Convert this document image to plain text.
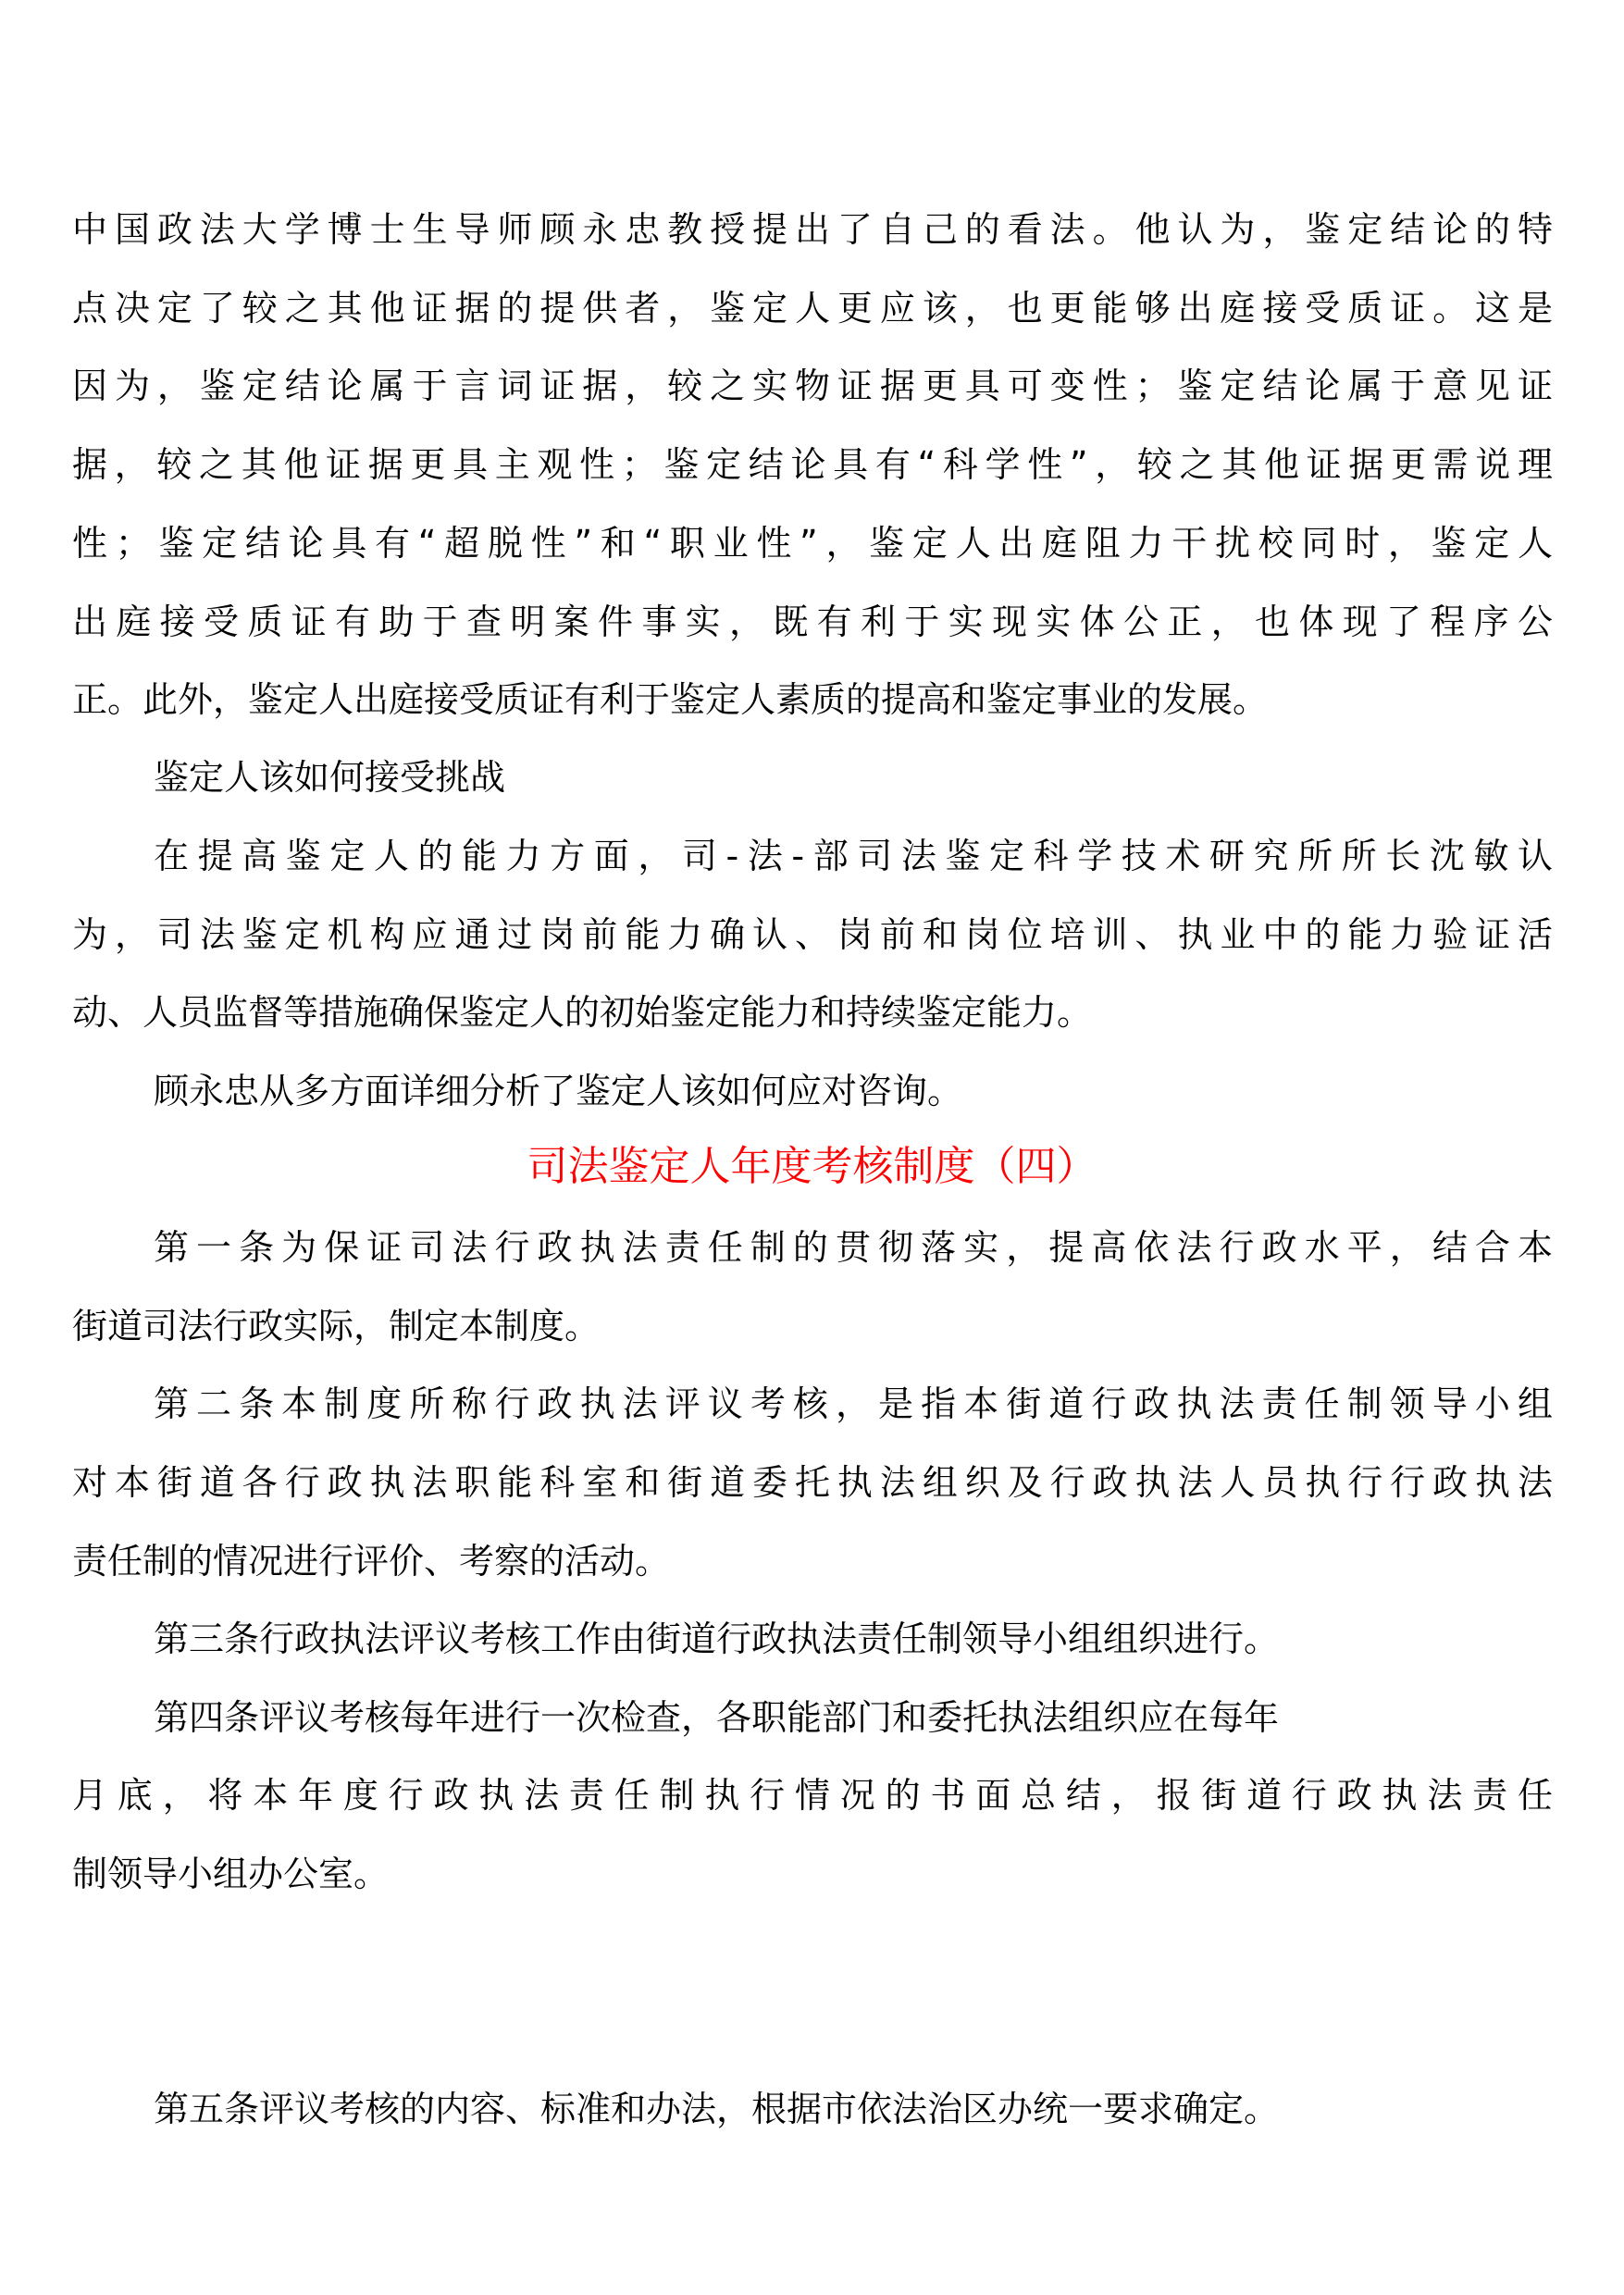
中国政法大学博士生导师顾永忠教授提出了自己的看法。他认为，鉴定结论的特
点决定了较之其他证据的提供者，鉴定人更应该，也更能够出庭接受质证。这是
因为，鉴定结论属于言词证据，较之实物证据更具可变性；鉴定结论属于意见证
据，较之其他证据更具主观性；鉴定结论具有“科学性”，较之其他证据更需说理
性；鉴定结论具有“超脱性”和“职业性”，鉴定人出庭阻力干扰校同时，鉴定人
出庭接受质证有助于查明案件事实，既有利于实现实体公正，也体现了程序公
正。此外，鉴定人出庭接受质证有利于鉴定人素质的提高和鉴定事业的发展。
鉴定人该如何接受挑战
在提高鉴定人的能力方面，司-法-部司法鉴定科学技术研究所所长沈敏认
为，司法鉴定机构应通过岗前能力确认、岗前和岗位培训、执业中的能力验证活
动、人员监督等措施确保鉴定人的初始鉴定能力和持续鉴定能力。
顾永忠从多方面详细分析了鉴定人该如何应对咨询。
司法鉴定人年度考核制度（四）
第一条为保证司法行政执法责任制的贯彻落实，提高依法行政水平，结合本
街道司法行政实际，制定本制度。
第二条本制度所称行政执法评议考核，是指本街道行政执法责任制领导小组
对本街道各行政执法职能科室和街道委托执法组织及行政执法人员执行行政执法
责任制的情况进行评价、考察的活动。
第三条行政执法评议考核工作由街道行政执法责任制领导小组组织进行。
第四条评议考核每年进行一次检查，各职能部门和委托执法组织应在每年
月底，将本年度行政执法责任制执行情况的书面总结，报街道行政执法责任
制领导小组办公室。
第五条评议考核的内容、标准和办法，根据市依法治区办统一要求确定。
